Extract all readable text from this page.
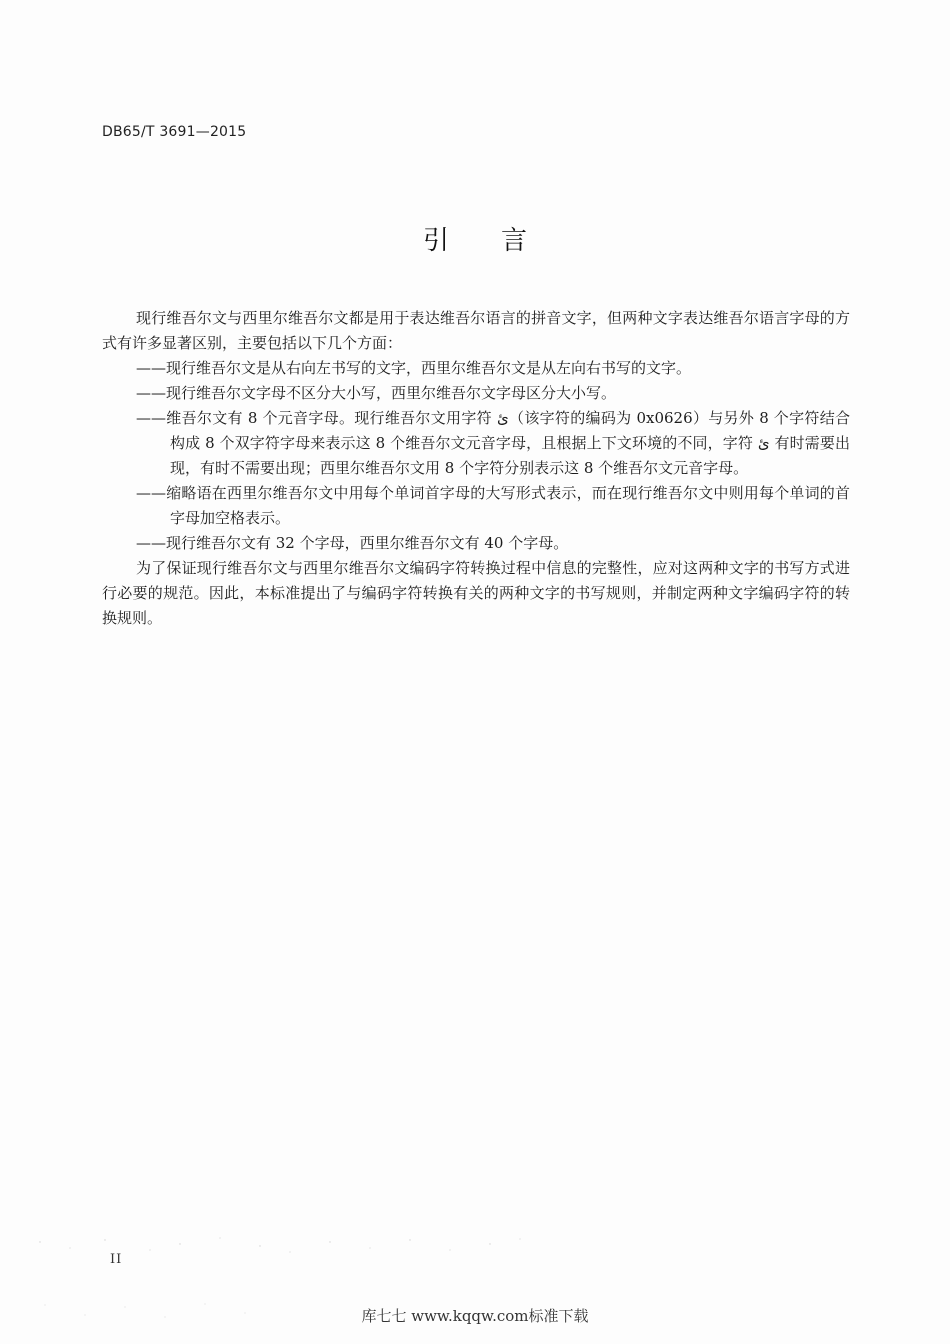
DB65/T 3691—2015
引言

现行维吾尔文与西里尔维吾尔文都是用于表达维吾尔语言的拼音文字，但两种文字表达维吾尔语言字母的方式有许多显著区别，主要包括以下几个方面：

——现行维吾尔文是从右向左书写的文字，西里尔维吾尔文是从左向右书写的文字。

——现行维吾尔文字母不区分大小写，西里尔维吾尔文字母区分大小写。

——维吾尔文有 8 个元音字母。现行维吾尔文用字符 ئ（该字符的编码为 0x0626）与另外 8 个字符结合构成 8 个双字符字母来表示这 8 个维吾尔文元音字母，且根据上下文环境的不同，字符 ئ 有时需要出现，有时不需要出现；西里尔维吾尔文用 8 个字符分别表示这 8 个维吾尔文元音字母。

——缩略语在西里尔维吾尔文中用每个单词首字母的大写形式表示，而在现行维吾尔文中则用每个单词的首字母加空格表示。

——现行维吾尔文有 32 个字母，西里尔维吾尔文有 40 个字母。

为了保证现行维吾尔文与西里尔维吾尔文编码字符转换过程中信息的完整性，应对这两种文字的书写方式进行必要的规范。因此，本标准提出了与编码字符转换有关的两种文字的书写规则，并制定两种文字编码字符的转换规则。

II
库七七 www.kqqw.com标准下载
